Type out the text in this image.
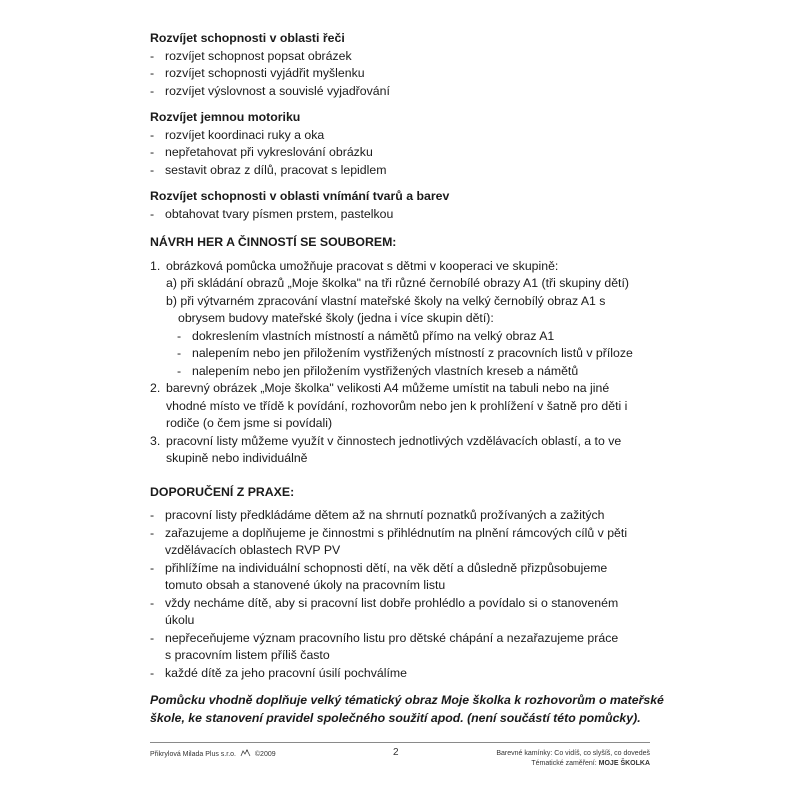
Rozvíjet schopnosti v oblasti řeči
- rozvíjet schopnost popsat obrázek
- rozvíjet schopnosti vyjádřit myšlenku
- rozvíjet výslovnost a souvislé vyjadřování
Rozvíjet jemnou motoriku
- rozvíjet koordinaci ruky a oka
- nepřetahovat při vykreslování obrázku
- sestavit obraz z dílů, pracovat s lepidlem
Rozvíjet schopnosti v oblasti vnímání tvarů a barev
- obtahovat tvary písmen prstem, pastelkou
NÁVRH HER A ČINNOSTÍ SE SOUBOREM:
1. obrázková pomůcka umožňuje pracovat s dětmi v kooperaci ve skupině:
a) při skládání obrazů „Moje školka" na tři různé černobílé obrazy A1 (tři skupiny dětí)
b) při výtvarném zpracování vlastní mateřské školy na velký černobílý obraz A1 s
obrysem budovy mateřské školy (jedna i více skupin dětí):
- dokreslením vlastních místností a námětů přímo na velký obraz A1
- nalepením nebo jen přiložením vystřižených místností z pracovních listů v příloze
- nalepením nebo jen přiložením vystřižených vlastních kreseb a námětů
2. barevný obrázek „Moje školka" velikosti A4 můžeme umístit na tabuli nebo na jiné
vhodné místo ve třídě k povídání, rozhovorům nebo jen k prohlížení v šatně pro děti i
rodiče (o čem jsme si povídali)
3. pracovní listy můžeme využít v činnostech jednotlivých vzdělávacích oblastí, a to ve
skupině nebo individuálně
DOPORUČENÍ Z PRAXE:
- pracovní listy předkládáme dětem až na shrnutí poznatků prožívaných a zažitých
- zařazujeme a doplňujeme je činnostmi s přihlédnutím na plnění rámcových cílů v pěti
vzdělávacích oblastech RVP PV
- přihlížíme na individuální schopnosti dětí, na věk dětí a důsledně přizpůsobujeme
tomuto obsah a stanovené úkoly na pracovním listu
- vždy necháme dítě, aby si pracovní list dobře prohlédlo a povídalo si o stanoveném
úkolu
- nepřeceňujeme význam pracovního listu pro dětské chápání a nezařazujeme práce
s pracovním listem příliš často
- každé dítě za jeho pracovní úsilí pochválíme
Pomůcku vhodně doplňuje velký tématický obraz Moje školka k rozhovorům o mateřské
škole, ke stanovení pravidel společného soužití apod. (není součástí této pomůcky).
Přikrylová Milada Plus s.r.o.	©2009	2	Barevné kamínky: Co vidíš, co slyšíš, co dovedeš
Tématické zaměření: MOJE ŠKOLKA
